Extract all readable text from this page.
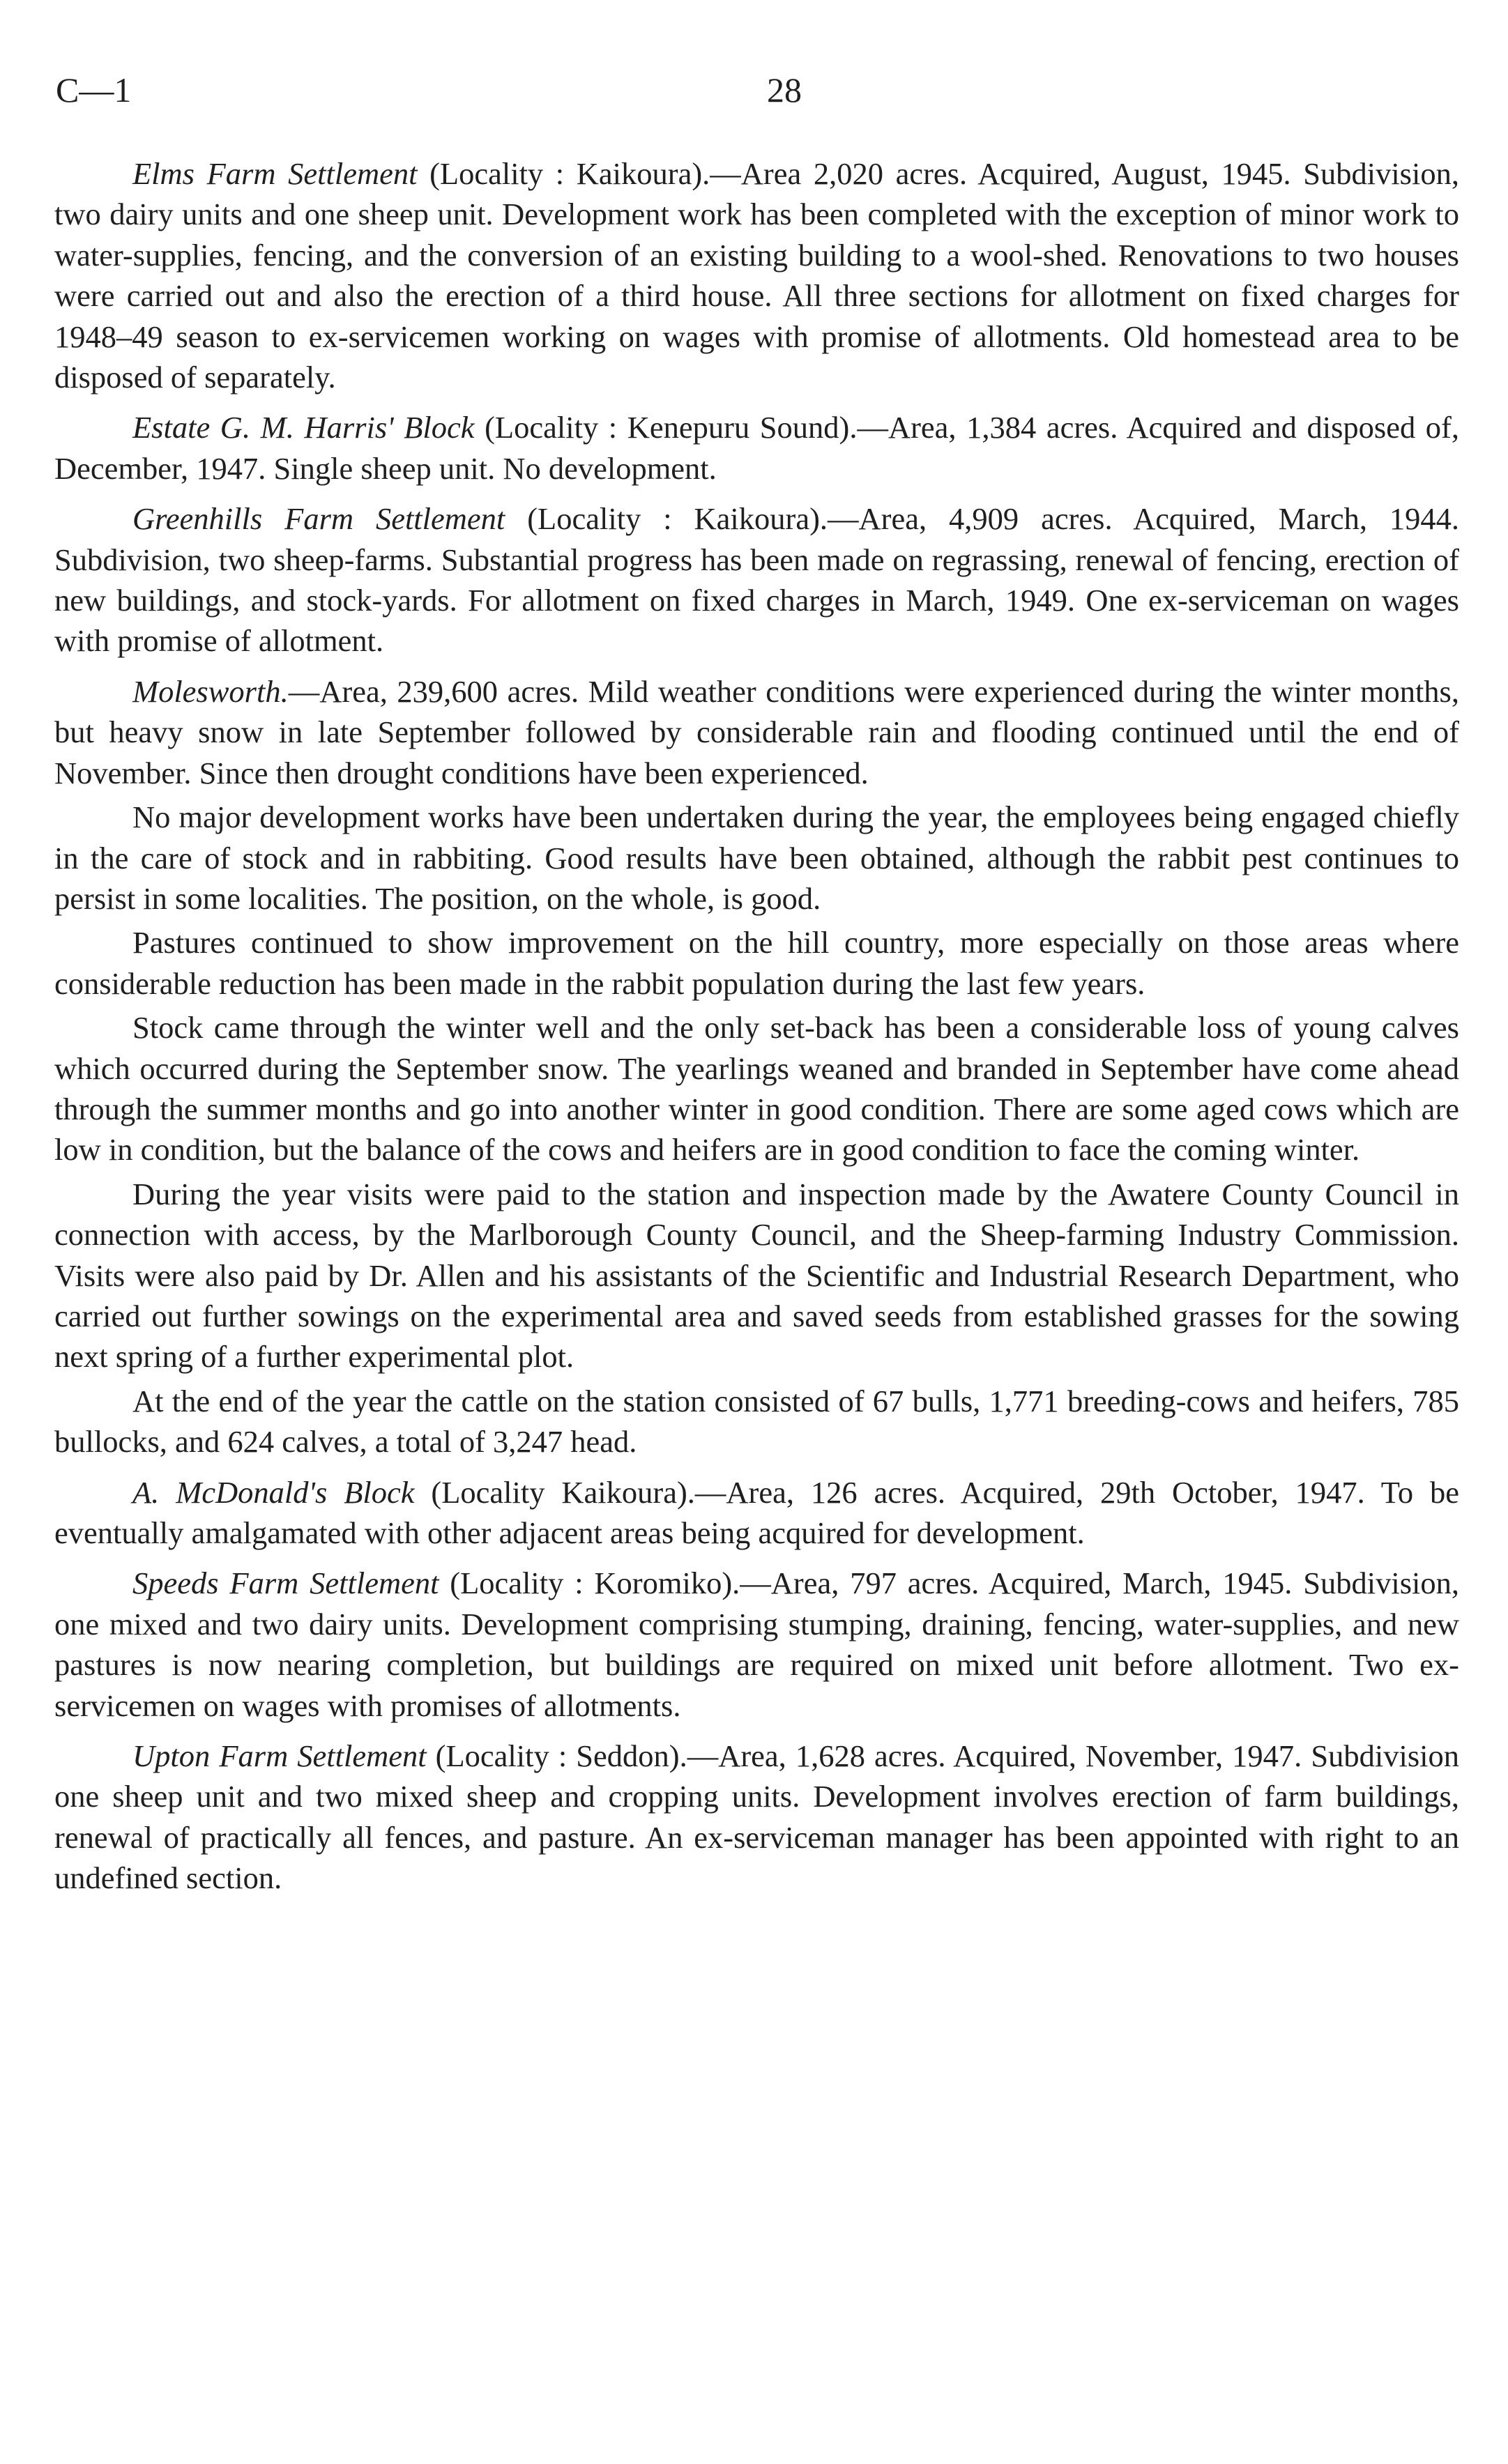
C—1	28

Elms Farm Settlement (Locality : Kaikoura).—Area 2,020 acres. Acquired, August, 1945. Subdivision, two dairy units and one sheep unit. Development work has been completed with the exception of minor work to water-supplies, fencing, and the conversion of an existing building to a wool-shed. Renovations to two houses were carried out and also the erection of a third house. All three sections for allotment on fixed charges for 1948–49 season to ex-servicemen working on wages with promise of allotments. Old homestead area to be disposed of separately.

Estate G. M. Harris' Block (Locality : Kenepuru Sound).—Area, 1,384 acres. Acquired and disposed of, December, 1947. Single sheep unit. No development.

Greenhills Farm Settlement (Locality : Kaikoura).—Area, 4,909 acres. Acquired, March, 1944. Subdivision, two sheep-farms. Substantial progress has been made on regrassing, renewal of fencing, erection of new buildings, and stock-yards. For allotment on fixed charges in March, 1949. One ex-serviceman on wages with promise of allotment.

Molesworth.—Area, 239,600 acres. Mild weather conditions were experienced during the winter months, but heavy snow in late September followed by considerable rain and flooding continued until the end of November. Since then drought conditions have been experienced.

No major development works have been undertaken during the year, the employees being engaged chiefly in the care of stock and in rabbiting. Good results have been obtained, although the rabbit pest continues to persist in some localities. The position, on the whole, is good.

Pastures continued to show improvement on the hill country, more especially on those areas where considerable reduction has been made in the rabbit population during the last few years.

Stock came through the winter well and the only set-back has been a considerable loss of young calves which occurred during the September snow. The yearlings weaned and branded in September have come ahead through the summer months and go into another winter in good condition. There are some aged cows which are low in condition, but the balance of the cows and heifers are in good condition to face the coming winter.

During the year visits were paid to the station and inspection made by the Awatere County Council in connection with access, by the Marlborough County Council, and the Sheep-farming Industry Commission. Visits were also paid by Dr. Allen and his assistants of the Scientific and Industrial Research Department, who carried out further sowings on the experimental area and saved seeds from established grasses for the sowing next spring of a further experimental plot.

At the end of the year the cattle on the station consisted of 67 bulls, 1,771 breeding-cows and heifers, 785 bullocks, and 624 calves, a total of 3,247 head.

A. McDonald's Block (Locality Kaikoura).—Area, 126 acres. Acquired, 29th October, 1947. To be eventually amalgamated with other adjacent areas being acquired for development.

Speeds Farm Settlement (Locality : Koromiko).—Area, 797 acres. Acquired, March, 1945. Subdivision, one mixed and two dairy units. Development comprising stumping, draining, fencing, water-supplies, and new pastures is now nearing completion, but buildings are required on mixed unit before allotment. Two ex-servicemen on wages with promises of allotments.

Upton Farm Settlement (Locality : Seddon).—Area, 1,628 acres. Acquired, November, 1947. Subdivision one sheep unit and two mixed sheep and cropping units. Development involves erection of farm buildings, renewal of practically all fences, and pasture. An ex-serviceman manager has been appointed with right to an undefined section.
